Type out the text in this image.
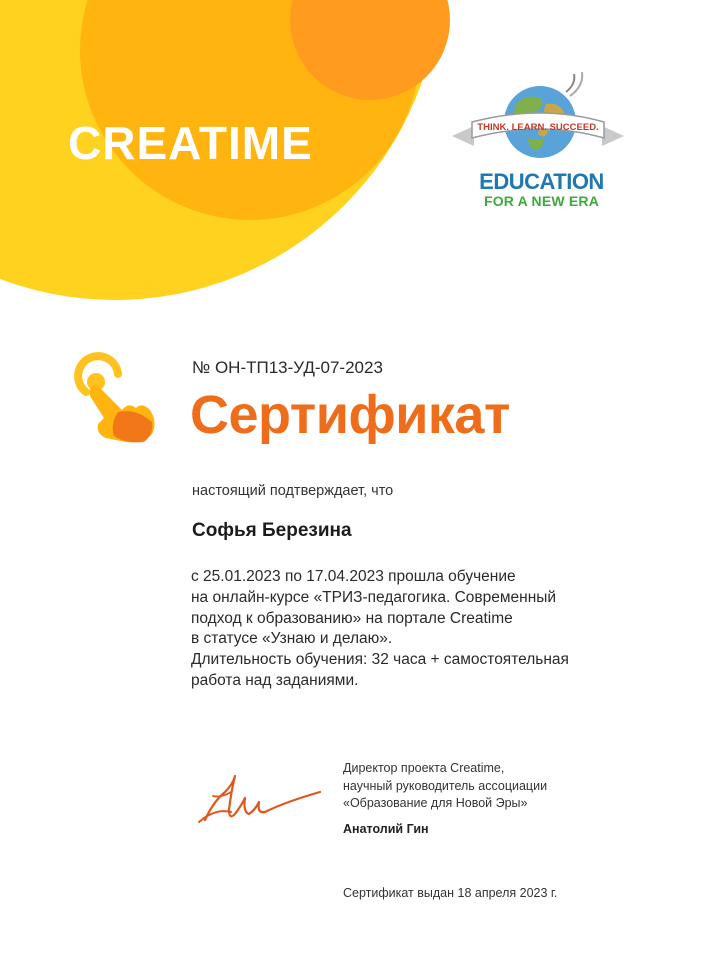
CREATIME	THINK. LEARN. SUCCEED.
EDUCATION
FOR A NEW ERA
№ ОН-ТП13-УД-07-2023
Сертификат
настоящий подтверждает, что
Софья Березина
с 25.01.2023 по 17.04.2023 прошла обучение
на онлайн-курсе «ТРИЗ-педагогика. Современный
подход к образованию» на портале Creatime
в статусе «Узнаю и делаю».
Длительность обучения: 32 часа + самостоятельная
работа над заданиями.
Директор проекта Creatime,
научный руководитель ассоциации
«Образование для Новой Эры»
Анатолий Гин
Сертификат выдан 18 апреля 2023 г.
